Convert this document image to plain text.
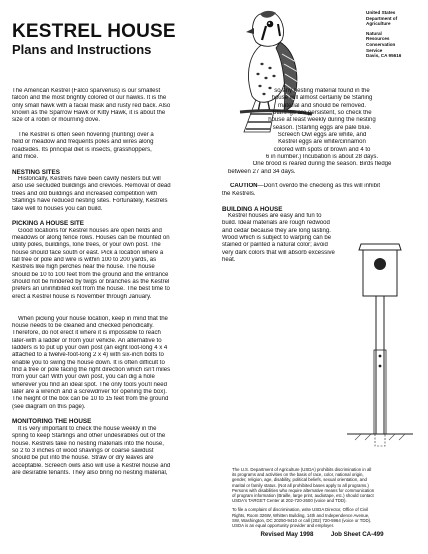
KESTREL HOUSE
Plans and Instructions
United States
Department of
Agriculture
Natural
Resources
Conservation
Service
Davis, CA 95616

The American Kestrel (Falco sparverius) is our smallest

falcon and the most brightly colored of our hawks. It is the

only small hawk with a facial mask and rusty red back. Also

known as the Sparrow Hawk or Kitty Hawk, it is about the

size of a robin or mourning dove.

The Kestrel is often seen hovering (hunting) over a

field or meadow and frequents poles and wires along

roadsides. Its principal diet is insects, grasshoppers,

and mice.

NESTING SITES

Historically, Kestrels have been cavity nesters but will

also use secluded buildings and crevices. Removal of dead

trees and old buildings and increased competition with

Starlings have reduced nesting sites. Fortunately, Kestrels

take well to houses you can build.

PICKING A HOUSE SITE

Good locations for Kestrel houses are open fields and

meadows or along fence rows. Houses can be mounted on

utility poles, buildings, lone trees, or your own post. The

house should face south or east. Pick a location where a

tall tree or pole and wire is within 100 to 200 yards, as

Kestrels like high perches near the house. The house

should be 10 to 100 feet from the ground and the entrance

should not be hindered by twigs or branches as the Kestrel

prefers an uninhibited exit from the house. The best time to

erect a Kestrel house is November through January.

When picking your house location, keep in mind that the

house needs to be cleaned and checked periodically.

Therefore, do not erect it where it is impossible to reach

later-with a ladder or from your vehicle. An alternative to

ladders is to put up your own post (an eight loot-long 4 x 4

attached to a twelve-foot-long 2 x 4) with six-inch bolts to

enable you to swing the house down. It is often difficult to

find a tree or pole facing the right direction which isn't miles

from your car! With your own post, you can dig a hole

wherever you find an ideal spot. The only tools you'll need

later are a wrench and a screwdriver for opening the box).

The height of the box can be 10 to 15 feet from the ground

(see diagram on this page).

MONITORING THE HOUSE

It is very important to check the house weekly in the

spring to keep Starlings and other undesirables out of the

house. Kestrels take no nesting materials into the house,

so 2 to 3 inches of wood shavings or coarse sawdust

should be put into the house. Straw or dry leaves are

acceptable. Screech owls also will use a Kestrel house and

are desirable tenants. They also bring no nesting material,

so any nesting material found in the

house will almost certainly be Starling

material and should be removed.

Starlings are persistent, so check the

house at least weekly during the nesting

season. (Starling eggs are pale blue.

Screech Owl eggs are white, and

Kestrel eggs are white/cinnamon

colored with spots of brown and 4 to

6 in number.) Incubation is about 28 days.

One brood is reared during the season. Birds fledge

between 27 and 34 days.

CAUTION—Don't overdo the checking as this will inhibit

the Kestrels.

BUILDING A HOUSE

Kestrel houses are easy and fun to

build. Ideal materials are rough redwood

and cedar because they are long lasting.

Wood which is subject to warping can be

stained or painted a natural color; avoid

very dark colors that will absorb excessive

heat.

The U.S. Department of Agriculture (USDA) prohibits discrimination in all

its programs and activities on the basis of race, color, national origin,

gender, religion, age, disability, political beliefs, sexual orientation, and

marital or family status. (Not all prohibited bases apply to all programs.)

Persons with disabilities who require alternative means for communication

of program information (Braille, large print, audiotape, etc.) should contact

USDA's TARGET Center at 202-720-2600 (voice and TDD).

To file a complaint of discrimination, write USDA Director, Office of Civil

Rights, Room 326W, Whitten Building, 14th and Independence Avenue,

SW, Washington, DC 20250-9410 or call (202) 720-5964 (voice or TDD).

USDA is an equal opportunity provider and employer.

Revised May 1998	Job Sheet CA-499
